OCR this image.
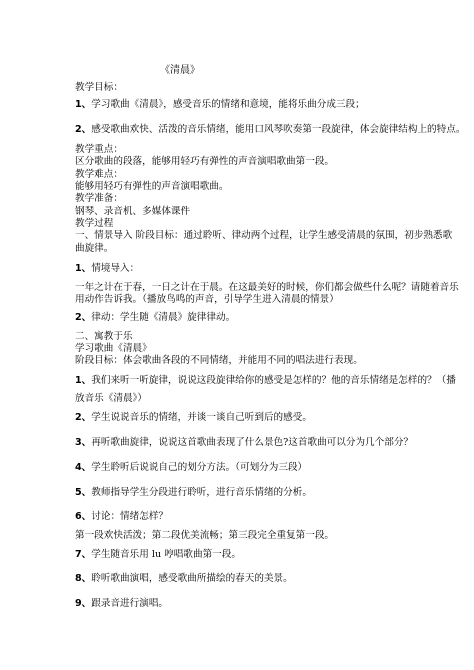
《清晨》
教学目标：
1、学习歌曲《清晨》，感受音乐的情绪和意境，能将乐曲分成三段；
2、感受歌曲欢快、活泼的音乐情绪，能用口风琴吹奏第一段旋律，体会旋律结构上的特点。
教学重点：
区分歌曲的段落，能够用轻巧有弹性的声音演唱歌曲第一段。
教学难点：
能够用轻巧有弹性的声音演唱歌曲。
教学准备：
钢琴、录音机、多媒体课件
教学过程
一、情景导入 阶段目标：通过聆听、律动两个过程，让学生感受清晨的氛围，初步熟悉歌
曲旋律。
1、情境导入：
一年之计在于春，一日之计在于晨。在这最美好的时候，你们都会做些什么呢？请随着音乐
用动作告诉我。（播放鸟鸣的声音，引导学生进入清晨的情景）
2、律动：学生随《清晨》旋律律动。
二、寓教于乐
学习歌曲《清晨》
阶段目标：体会歌曲各段的不同情绪，并能用不同的唱法进行表现。
1、我们来听一听旋律，说说这段旋律给你的感受是怎样的？他的音乐情绪是怎样的？（播
放音乐《清晨》）
2、学生说说音乐的情绪，并谈一谈自己听到后的感受。
3、再听歌曲旋律，说说这首歌曲表现了什么景色?这首歌曲可以分为几个部分？
4、学生聆听后说说自己的划分方法。（可划分为三段）
5、教师指导学生分段进行聆听，进行音乐情绪的分析。
6、讨论：情绪怎样？
第一段欢快活泼；第二段优美流畅；第三段完全重复第一段。
7、学生随音乐用 lu 哼唱歌曲第一段。
8、聆听歌曲演唱，感受歌曲所描绘的春天的美景。
9、跟录音进行演唱。
